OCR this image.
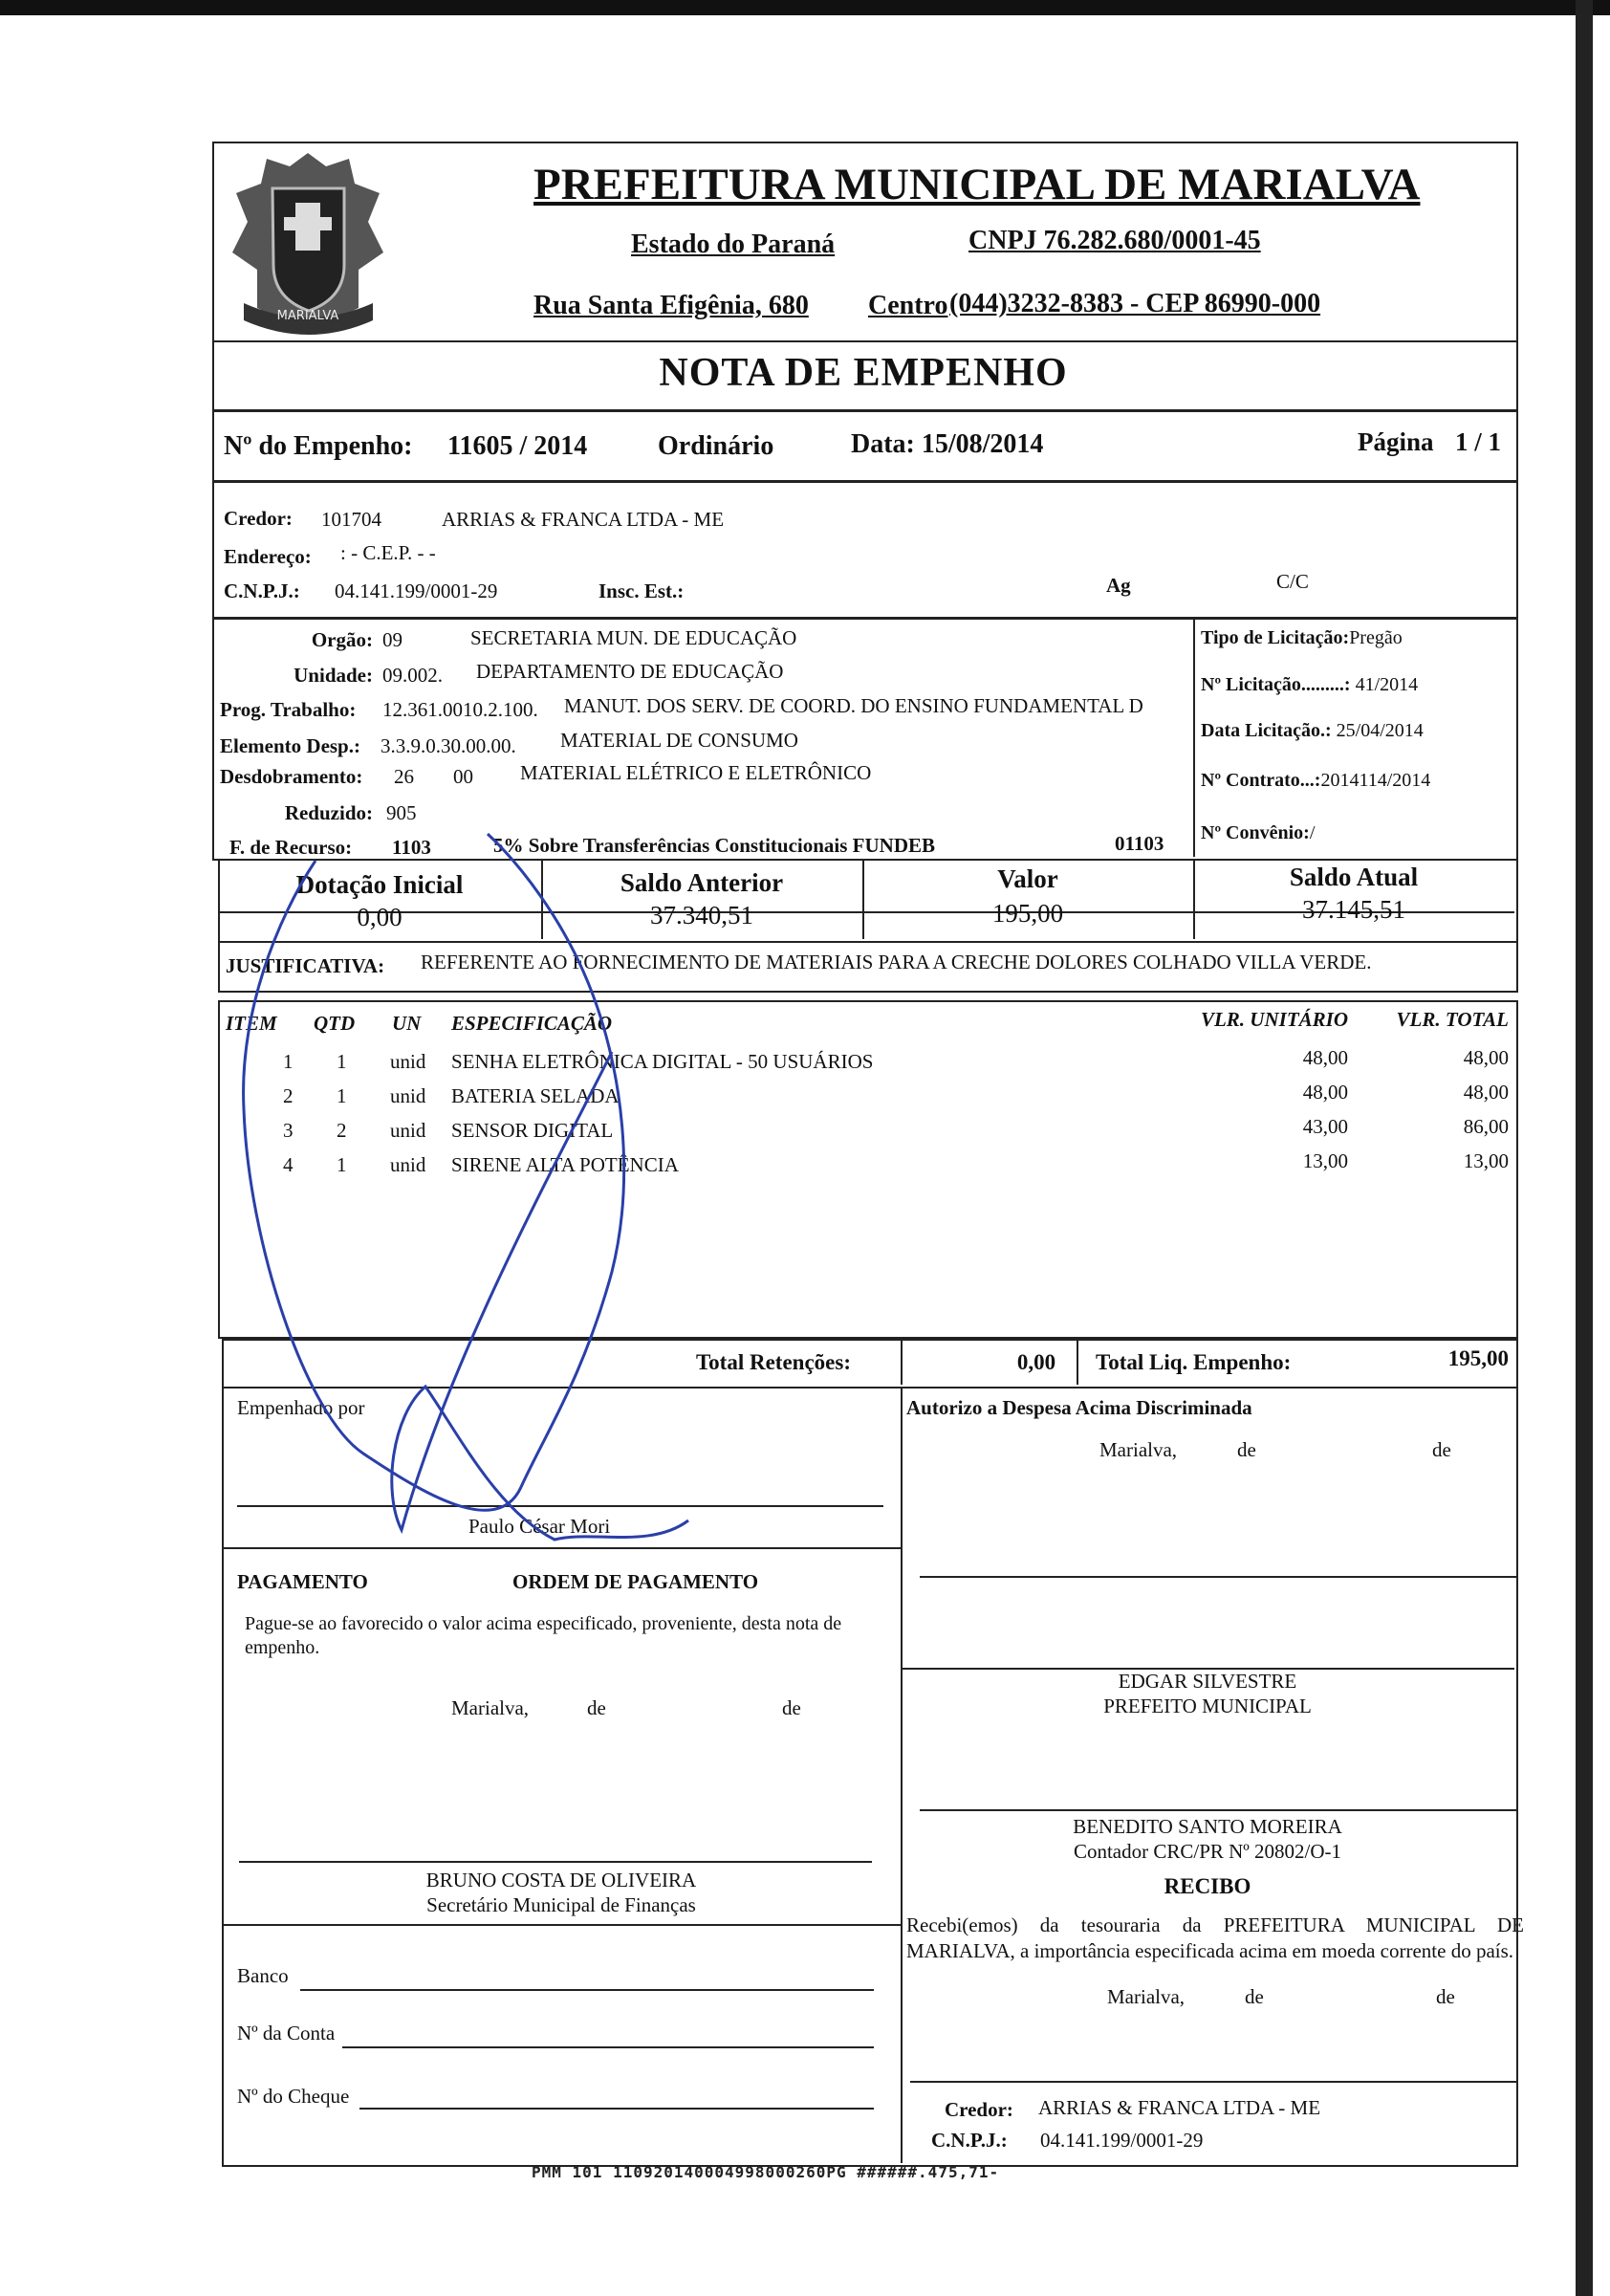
MARIALVA
PREFEITURA MUNICIPAL DE MARIALVA
Estado do Paraná	CNPJ 76.282.680/0001-45
Rua Santa Efigênia, 680 Centro (044)3232-8383 - CEP 86990-000
NOTA DE EMPENHO
Nº do Empenho: 11605 / 2014	Ordinário	Data: 15/08/2014	Página 1 / 1
Credor: 101704	ARRIAS & FRANCA LTDA - ME
Endereço: : - C.E.P. - -
C.N.P.J.: 04.141.199/0001-29	Insc. Est.:	Ag	C/C
Orgão: 09	SECRETARIA MUN. DE EDUCAÇÃO
Unidade: 09.002. DEPARTAMENTO DE EDUCAÇÃO
Prog. Trabalho: 12.361.0010.2.100. MANUT. DOS SERV. DE COORD. DO ENSINO FUNDAMENTAL D
Elemento Desp.: 3.3.9.0.30.00.00. MATERIAL DE CONSUMO
Desdobramento: 26 00 MATERIAL ELÉTRICO E ELETRÔNICO
Reduzido: 905
F. de Recurso: 1103	5% Sobre Transferências Constitucionais FUNDEB	01103
Tipo de Licitação:Pregão
Nº Licitação.........: 41/2014
Data Licitação.: 25/04/2014
Nº Contrato...:2014114/2014
Nº Convênio:/
Dotação Inicial
0,00
Saldo Anterior
37.340,51
Valor
195,00
Saldo Atual
37.145,51
JUSTIFICATIVA: REFERENTE AO FORNECIMENTO DE MATERIAIS PARA A CRECHE DOLORES COLHADO VILLA VERDE.
ITEM QTD UN ESPECIFICAÇÃO	VLR. UNITÁRIO	VLR. TOTAL
1 1 unid	SENHA ELETRÔNICA DIGITAL - 50 USUÁRIOS	48,00	48,00
2 1 unid	BATERIA SELADA	48,00	48,00
3 2 unid	SENSOR DIGITAL	43,00	86,00
4 1 unid	SIRENE ALTA POTÊNCIA	13,00	13,00
Total Retenções:	0,00	Total Liq. Empenho:	195,00
Empenhado por
Paulo César Mori
Autorizo a Despesa Acima Discriminada
Marialva,	de	de
EDGAR SILVESTRE
PREFEITO MUNICIPAL
BENEDITO SANTO MOREIRA
Contador CRC/PR Nº 20802/O-1
PAGAMENTO	ORDEM DE PAGAMENTO
Pague-se ao favorecido o valor acima especificado, proveniente, desta nota de empenho.
Marialva,	de	de
BRUNO COSTA DE OLIVEIRA
Secretário Municipal de Finanças
Banco
Nº da Conta
Nº do Cheque
RECIBO
Recebi(emos) da tesouraria da PREFEITURA MUNICIPAL DE MARIALVA, a importância especificada acima em moeda corrente do país.
Marialva,	de	de
Credor: ARRIAS & FRANCA LTDA - ME
C.N.P.J.: 04.141.199/0001-29
PMM 101 110920140004998000260PG ######.475,71-
